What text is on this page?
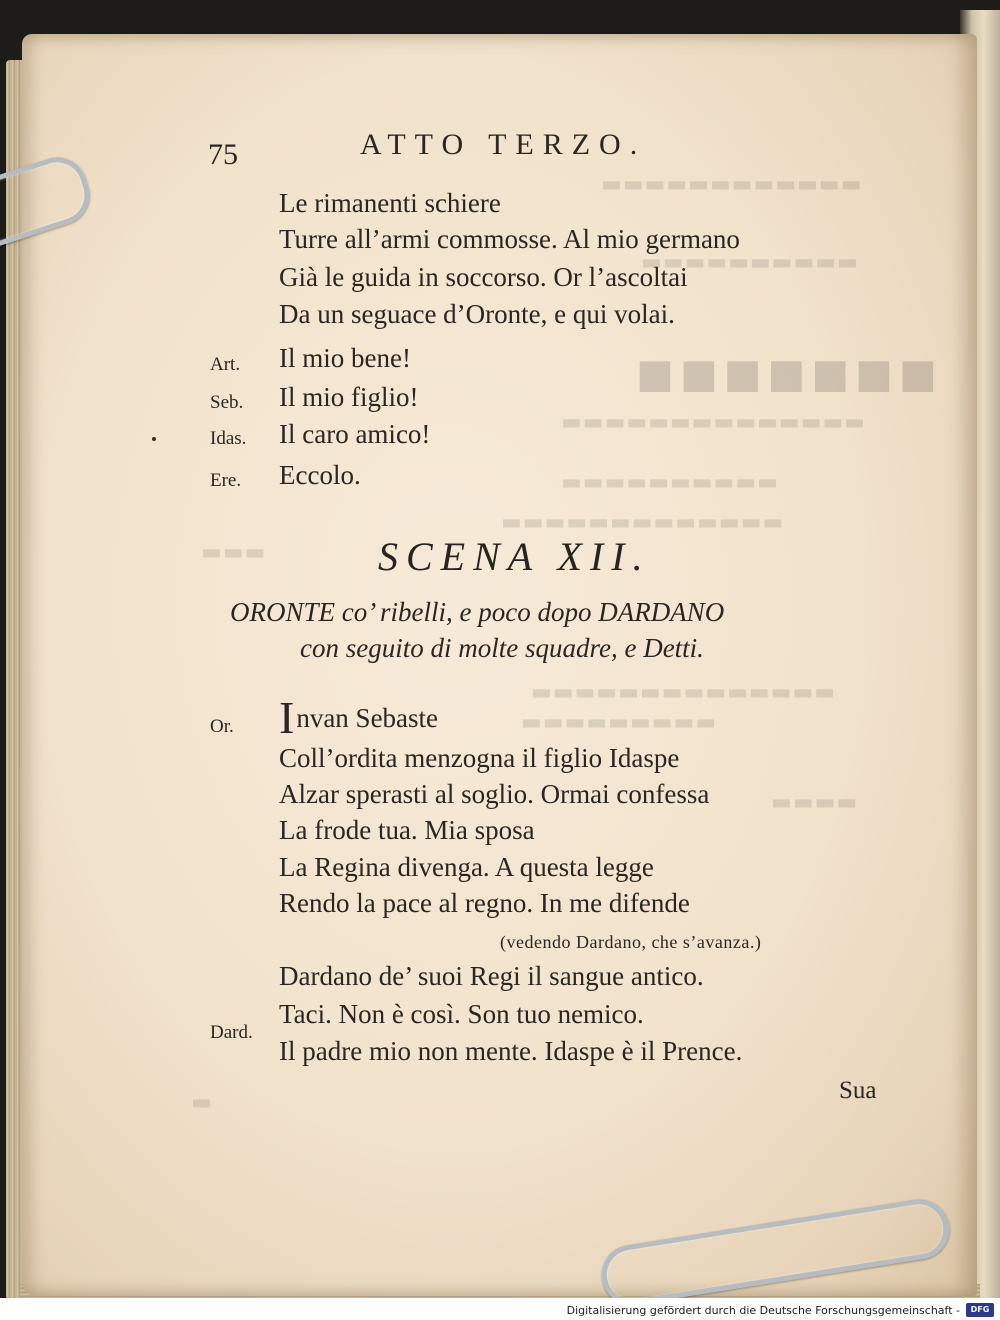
▬▬▬▬▬▬▬▬▬▬▬▬
▬▬▬▬▬▬▬▬▬▬
■■■■■■■
▬▬▬▬▬▬▬▬▬▬▬▬▬▬
▬▬▬▬▬▬▬▬▬▬
▬▬▬▬▬▬▬▬▬▬▬▬▬
▬▬▬
▬▬▬▬▬▬▬▬▬▬▬▬▬▬
▬▬▬▬▬▬▬▬▬
▬▬▬▬
▬
75	ATTO TERZO.
Le rimanenti schiere
Turre all’armi commosse. Al mio germano
Già le guida in soccorso. Or l’ascoltai
Da un seguace d’Oronte, e qui volai.
Art. Il mio bene!
Seb. Il mio figlio!
Idas. Il caro amico!
Ere. Eccolo.
SCENA XII.
ORONTE co’ ribelli, e poco dopo DARDANO
con seguito di molte squadre, e Detti.
Or. Invan Sebaste
Coll’ordita menzogna il figlio Idaspe
Alzar sperasti al soglio. Ormai confessa
La frode tua. Mia sposa
La Regina divenga. A questa legge
Rendo la pace al regno. In me difende
(vedendo Dardano, che s’avanza.)
Dardano de’ suoi Regi il sangue antico.
Dard.
Taci. Non è così. Son tuo nemico.
Il padre mio non mente. Idaspe è il Prence.
Sua
Digitalisierung gefördert durch die Deutsche Forschungsgemeinschaft -	DFG
